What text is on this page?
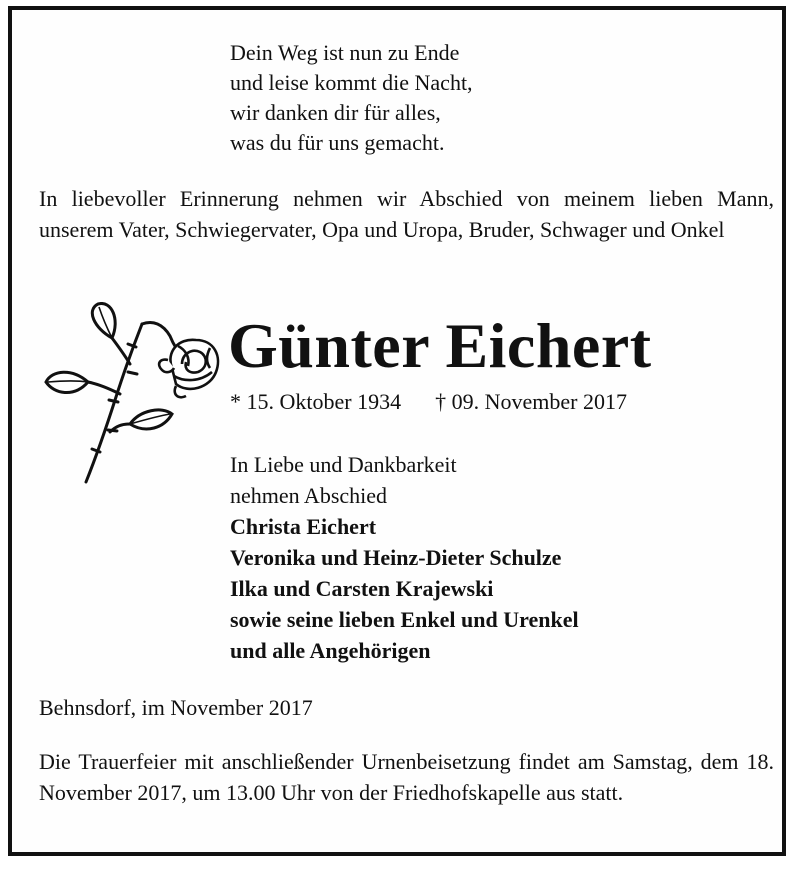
Dein Weg ist nun zu Ende
und leise kommt die Nacht,
wir danken dir für alles,
was du für uns gemacht.
In liebevoller Erinnerung nehmen wir Abschied von meinem lieben Mann, unserem Vater, Schwiegervater, Opa und Uropa, Bruder, Schwager und Onkel
Günter Eichert
* 15. Oktober 1934 † 09. November 2017
In Liebe und Dankbarkeit
nehmen Abschied
Christa Eichert
Veronika und Heinz-Dieter Schulze
Ilka und Carsten Krajewski
sowie seine lieben Enkel und Urenkel
und alle Angehörigen
Behnsdorf, im November 2017
Die Trauerfeier mit anschließender Urnenbeisetzung findet am Samstag, dem 18. November 2017, um 13.00 Uhr von der Friedhofskapelle aus statt.
